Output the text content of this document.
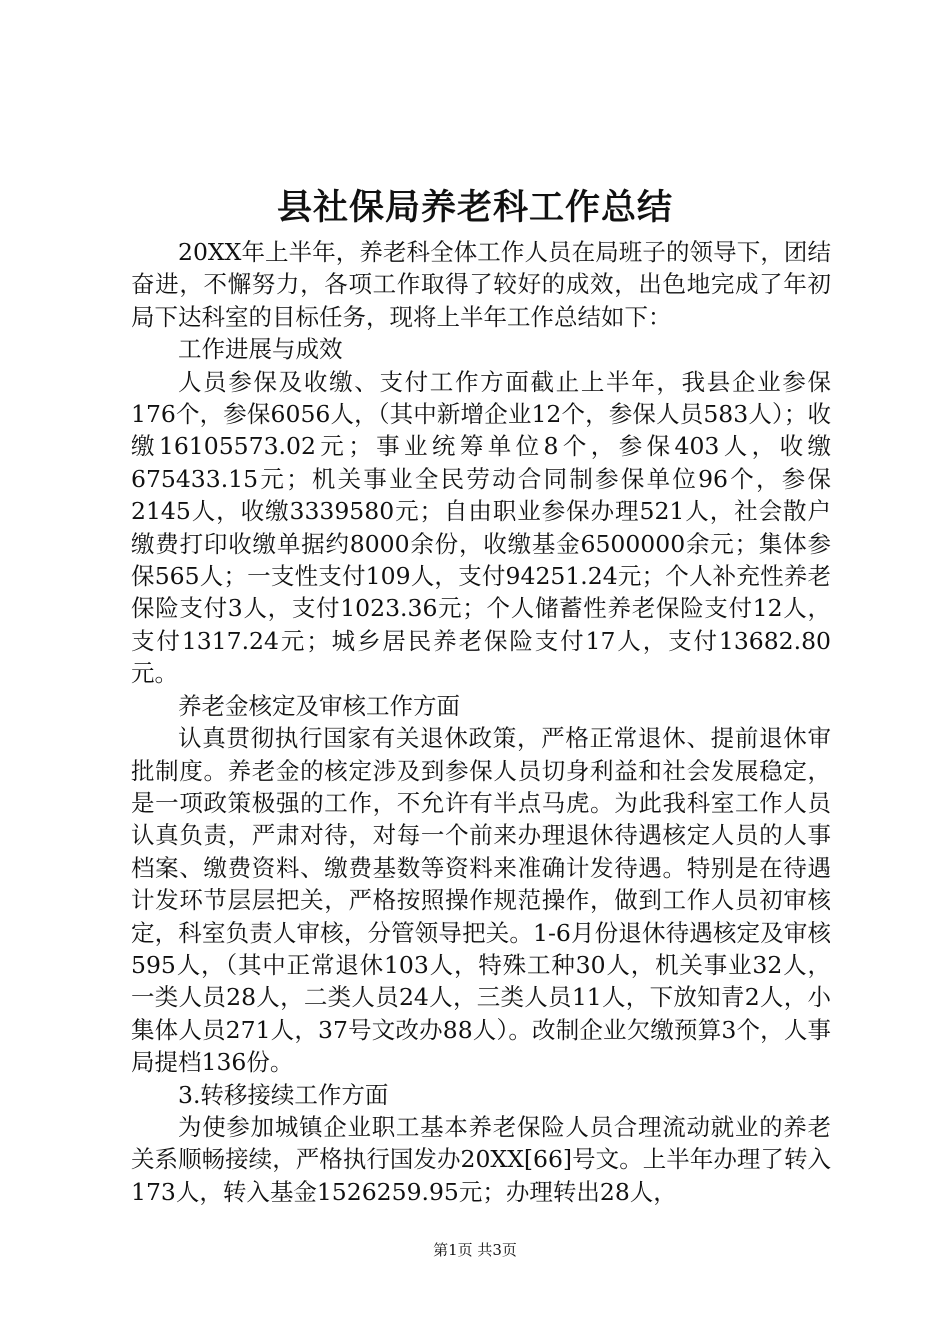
县社保局养老科工作总结

20XX年上半年，养老科全体工作人员在局班子的领导下，团结奋进，不懈努力，各项工作取得了较好的成效，出色地完成了年初局下达科室的目标任务，现将上半年工作总结如下：

工作进展与成效

人员参保及收缴、支付工作方面截止上半年，我县企业参保176个，参保6056人，（其中新增企业12个，参保人员583人）；收缴16105573.02元；事业统筹单位8个，参保403人，收缴675433.15元；机关事业全民劳动合同制参保单位96个，参保2145人，收缴3339580元；自由职业参保办理521人，社会散户缴费打印收缴单据约8000余份，收缴基金6500000余元；集体参保565人；一支性支付109人，支付94251.24元；个人补充性养老保险支付3人，支付1023.36元；个人储蓄性养老保险支付12人，支付1317.24元；城乡居民养老保险支付17人，支付13682.80元。

养老金核定及审核工作方面

认真贯彻执行国家有关退休政策，严格正常退休、提前退休审批制度。养老金的核定涉及到参保人员切身利益和社会发展稳定，是一项政策极强的工作，不允许有半点马虎。为此我科室工作人员认真负责，严肃对待，对每一个前来办理退休待遇核定人员的人事档案、缴费资料、缴费基数等资料来准确计发待遇。特别是在待遇计发环节层层把关，严格按照操作规范操作，做到工作人员初审核定，科室负责人审核，分管领导把关。1-6月份退休待遇核定及审核595人，（其中正常退休103人，特殊工种30人，机关事业32人，一类人员28人，二类人员24人，三类人员11人，下放知青2人，小集体人员271人，37号文改办88人）。改制企业欠缴预算3个，人事局提档136份。

3.转移接续工作方面

为使参加城镇企业职工基本养老保险人员合理流动就业的养老关系顺畅接续，严格执行国发办20XX[66]号文。上半年办理了转入173人，转入基金1526259.95元；办理转出28人，

第1页 共3页
